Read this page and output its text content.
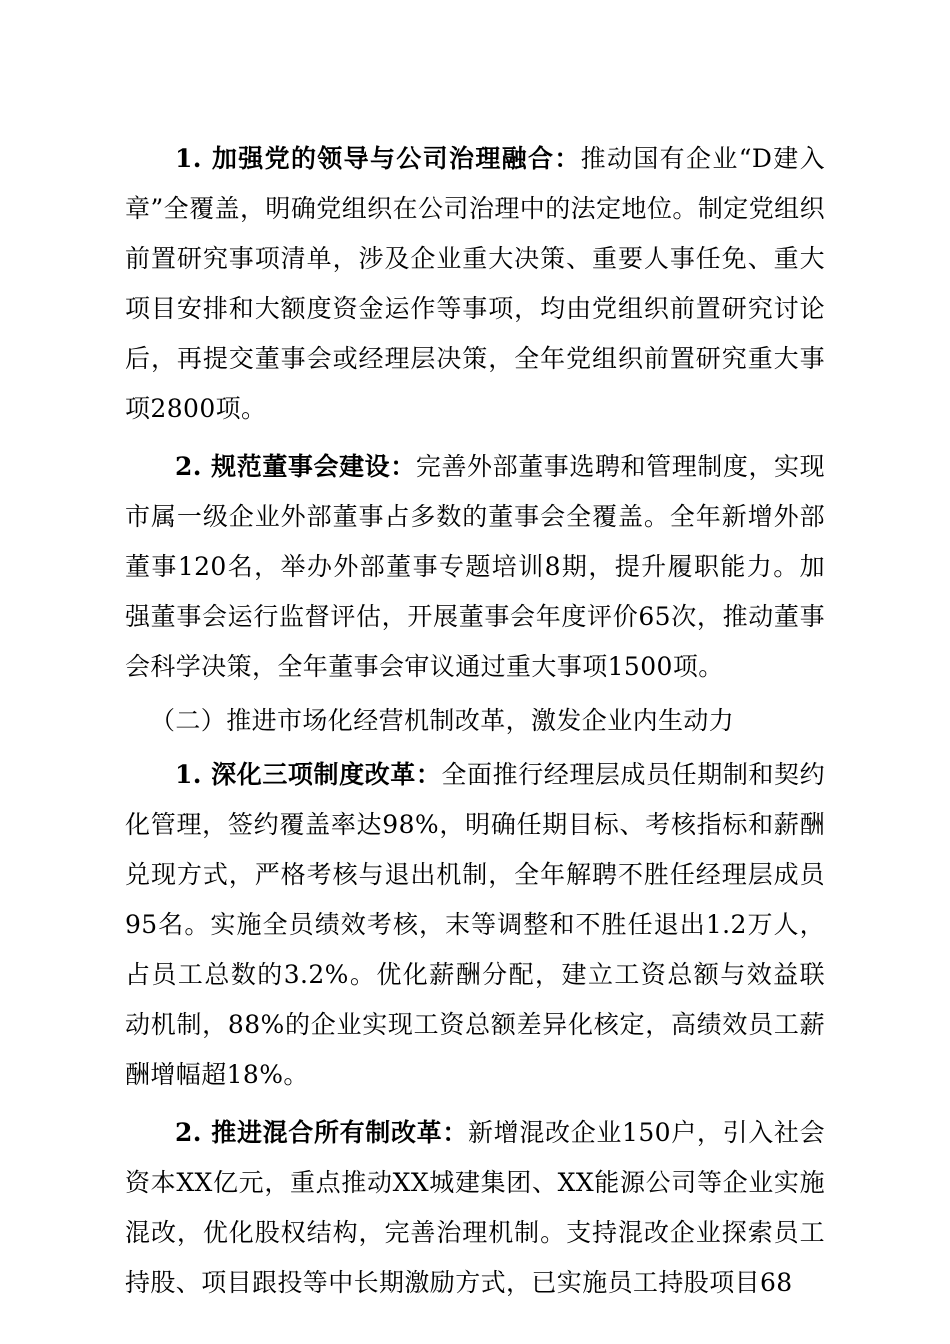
1. 加强党的领导与公司治理融合：推动国有企业“D建入章”全覆盖，明确党组织在公司治理中的法定地位。制定党组织前置研究事项清单，涉及企业重大决策、重要人事任免、重大项目安排和大额度资金运作等事项，均由党组织前置研究讨论后，再提交董事会或经理层决策，全年党组织前置研究重大事项2800项。

2. 规范董事会建设：完善外部董事选聘和管理制度，实现市属一级企业外部董事占多数的董事会全覆盖。全年新增外部董事120名，举办外部董事专题培训8期，提升履职能力。加强董事会运行监督评估，开展董事会年度评价65次，推动董事会科学决策，全年董事会审议通过重大事项1500项。

（二）推进市场化经营机制改革，激发企业内生动力

1. 深化三项制度改革：全面推行经理层成员任期制和契约化管理，签约覆盖率达98%，明确任期目标、考核指标和薪酬兑现方式，严格考核与退出机制，全年解聘不胜任经理层成员95名。实施全员绩效考核，末等调整和不胜任退出1.2万人，占员工总数的3.2%。优化薪酬分配，建立工资总额与效益联动机制，88%的企业实现工资总额差异化核定，高绩效员工薪酬增幅超18%。

2. 推进混合所有制改革：新增混改企业150户，引入社会资本XX亿元，重点推动XX城建集团、XX能源公司等企业实施混改，优化股权结构，完善治理机制。支持混改企业探索员工持股、项目跟投等中长期激励方式，已实施员工持股项目68
